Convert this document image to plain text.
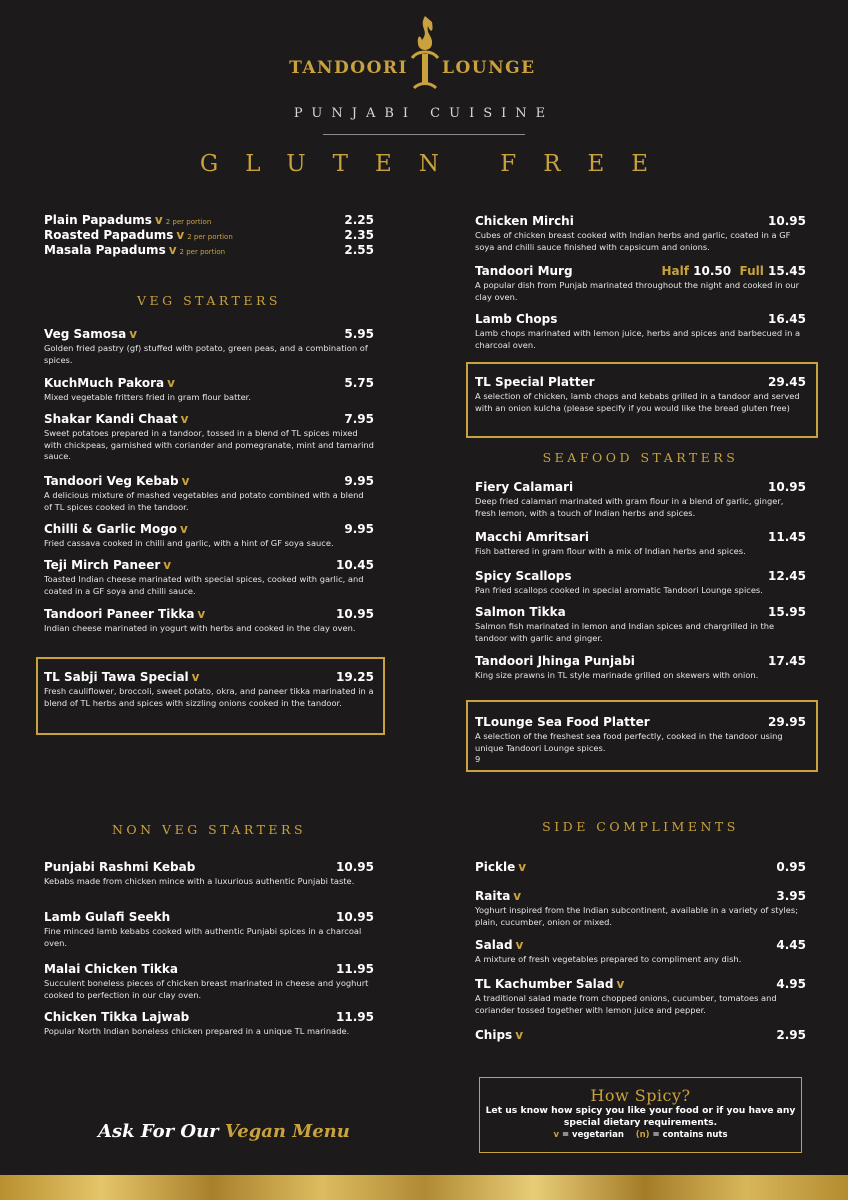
TANDOORI LOUNGE
PUNJABI CUISINE
GLUTEN FREE
Plain Papadums v 2 per portion	2.25
Roasted Papadums v 2 per portion	2.35
Masala Papadums v 2 per portion	2.55
VEG STARTERS
Veg Samosa v	5.95
Golden fried pastry (gf) stuffed with potato, green peas, and a combination of spices.
KuchMuch Pakora v	5.75
Mixed vegetable fritters fried in gram flour batter.
Shakar Kandi Chaat v	7.95
Sweet potatoes prepared in a tandoor, tossed in a blend of TL spices mixed with chickpeas, garnished with coriander and pomegranate, mint and tamarind sauce.
Tandoori Veg Kebab v	9.95
A delicious mixture of mashed vegetables and potato combined with a blend of TL spices cooked in the tandoor.
Chilli & Garlic Mogo v	9.95
Fried cassava cooked in chilli and garlic, with a hint of GF soya sauce.
Teji Mirch Paneer v	10.45
Toasted Indian cheese marinated with special spices, cooked with garlic, and coated in a GF soya and chilli sauce.
Tandoori Paneer Tikka v	10.95
Indian cheese marinated in yogurt with herbs and cooked in the clay oven.
TL Sabji Tawa Special v	19.25
Fresh cauliflower, broccoli, sweet potato, okra, and paneer tikka marinated in a blend of TL herbs and spices with sizzling onions cooked in the tandoor.
Chicken Mirchi	10.95
Cubes of chicken breast cooked with Indian herbs and garlic, coated in a GF soya and chilli sauce finished with capsicum and onions.
Tandoori Murg	Half 10.50 Full 15.45
A popular dish from Punjab marinated throughout the night and cooked in our clay oven.
Lamb Chops	16.45
Lamb chops marinated with lemon juice, herbs and spices and barbecued in a charcoal oven.
TL Special Platter	29.45
A selection of chicken, lamb chops and kebabs grilled in a tandoor and served with an onion kulcha (please specify if you would like the bread gluten free)
SEAFOOD STARTERS
Fiery Calamari	10.95
Deep fried calamari marinated with gram flour in a blend of garlic, ginger, fresh lemon, with a touch of Indian herbs and spices.
Macchi Amritsari	11.45
Fish battered in gram flour with a mix of Indian herbs and spices.
Spicy Scallops	12.45
Pan fried scallops cooked in special aromatic Tandoori Lounge spices.
Salmon Tikka	15.95
Salmon fish marinated in lemon and Indian spices and chargrilled in the tandoor with garlic and ginger.
Tandoori Jhinga Punjabi	17.45
King size prawns in TL style marinade grilled on skewers with onion.
TLounge Sea Food Platter	29.95
A selection of the freshest sea food perfectly, cooked in the tandoor using unique Tandoori Lounge spices.
9
NON VEG STARTERS
Punjabi Rashmi Kebab	10.95
Kebabs made from chicken mince with a luxurious authentic Punjabi taste.
Lamb Gulafi Seekh	10.95
Fine minced lamb kebabs cooked with authentic Punjabi spices in a charcoal oven.
Malai Chicken Tikka	11.95
Succulent boneless pieces of chicken breast marinated in cheese and yoghurt cooked to perfection in our clay oven.
Chicken Tikka Lajwab	11.95
Popular North Indian boneless chicken prepared in a unique TL marinade.
SIDE COMPLIMENTS
Pickle v	0.95
Raita v	3.95
Yoghurt inspired from the Indian subcontinent, available in a variety of styles; plain, cucumber, onion or mixed.
Salad v	4.45
A mixture of fresh vegetables prepared to compliment any dish.
TL Kachumber Salad v	4.95
A traditional salad made from chopped onions, cucumber, tomatoes and coriander tossed together with lemon juice and pepper.
Chips v	2.95
Ask For Our Vegan Menu
How Spicy?
Let us know how spicy you like your food or if you have any special dietary requirements.
v = vegetarian (n) = contains nuts
